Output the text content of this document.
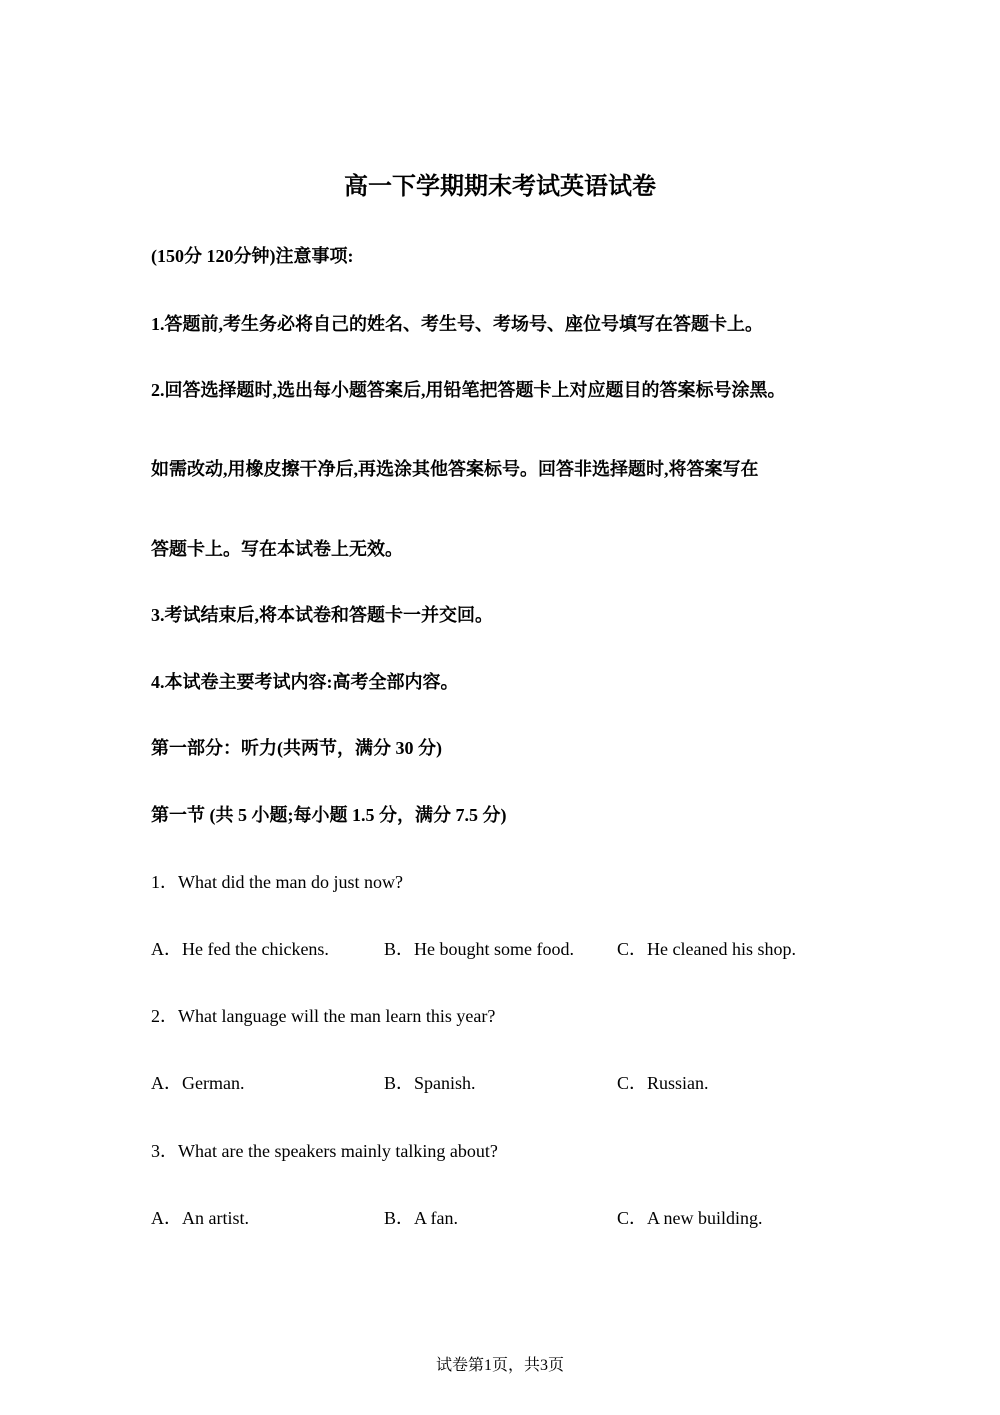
高一下学期期末考试英语试卷

(150分 120分钟)注意事项:

1.答题前,考生务必将自己的姓名、考生号、考场号、座位号填写在答题卡上。

2.回答选择题时,选出每小题答案后,用铅笔把答题卡上对应题目的答案标号涂黑。

如需改动,用橡皮擦干净后,再选涂其他答案标号。回答非选择题时,将答案写在

答题卡上。写在本试卷上无效。

3.考试结束后,将本试卷和答题卡一并交回。

4.本试卷主要考试内容:高考全部内容。

第一部分：听力(共两节，满分 30 分)

第一节 (共 5 小题;每小题 1.5 分，满分 7.5 分)

1．What did the man do just now?

A．He fed the chickens.	B．He bought some food. C．He cleaned his shop.

2．What language will the man learn this year?

A．German.	B．Spanish.	C．Russian.

3．What are the speakers mainly talking about?

A．An artist.	B．A fan.	C．A new building.
试卷第1页，共3页
